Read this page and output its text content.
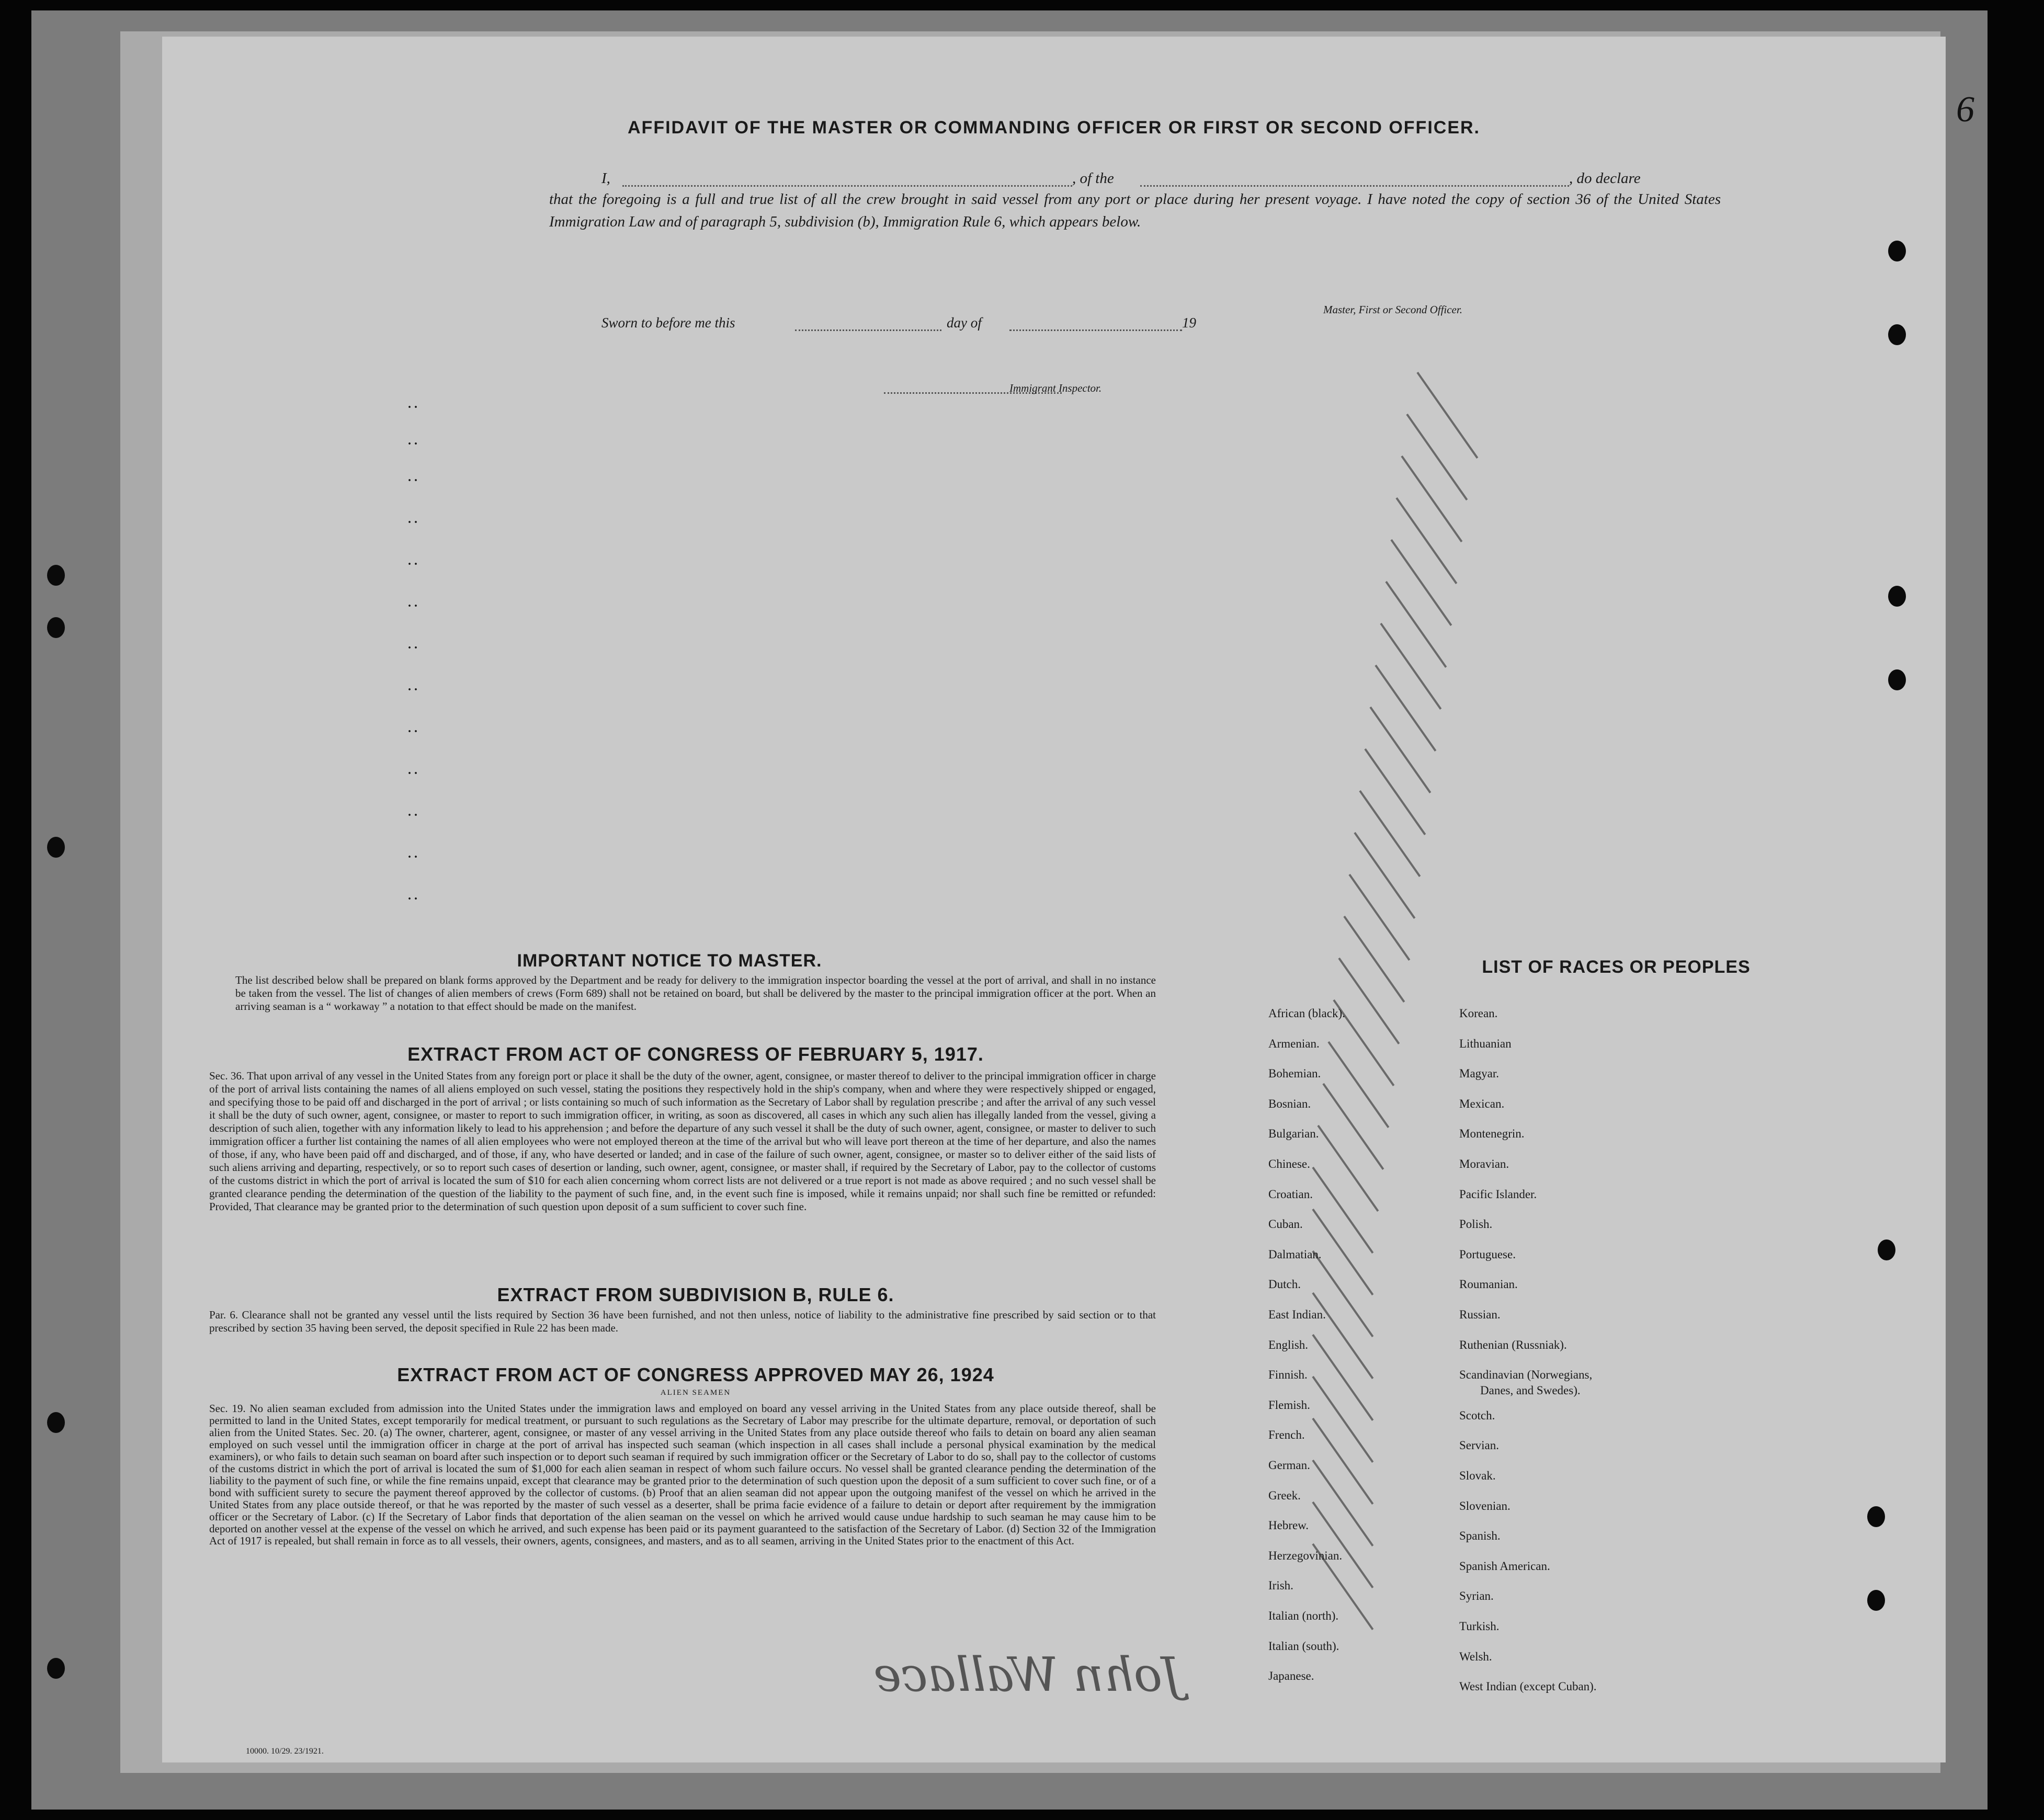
6
AFFIDAVIT OF THE MASTER OR COMMANDING OFFICER OR FIRST OR SECOND OFFICER.
I,	, of the	, do declare
that the foregoing is a full and true list of all the crew brought in said vessel from any port or place during her present voyage. I have noted the copy of section 36 of the United States Immigration Law and of paragraph 5, subdivision (b), Immigration Rule 6, which appears below.
Master, First or Second Officer.
Sworn to before me this	day of	19
Immigrant Inspector.
. .
. .
. .
. .
. .
. .
. .
. .
. .
. .
. .
. .
. .
IMPORTANT NOTICE TO MASTER.
The list described below shall be prepared on blank forms approved by the Department and be ready for delivery to the immigration inspector boarding the vessel at the port of arrival, and shall in no instance be taken from the vessel. The list of changes of alien members of crews (Form 689) shall not be retained on board, but shall be delivered by the master to the principal immigration officer at the port. When an arriving seaman is a “ workaway ” a notation to that effect should be made on the manifest.
EXTRACT FROM ACT OF CONGRESS OF FEBRUARY 5, 1917.
Sec. 36. That upon arrival of any vessel in the United States from any foreign port or place it shall be the duty of the owner, agent, consignee, or master thereof to deliver to the principal immigration officer in charge of the port of arrival lists containing the names of all aliens employed on such vessel, stating the positions they respectively hold in the ship's company, when and where they were respectively shipped or engaged, and specifying those to be paid off and discharged in the port of arrival ; or lists containing so much of such information as the Secretary of Labor shall by regulation prescribe ; and after the arrival of any such vessel it shall be the duty of such owner, agent, consignee, or master to report to such immigration officer, in writing, as soon as discovered, all cases in which any such alien has illegally landed from the vessel, giving a description of such alien, together with any information likely to lead to his apprehension ; and before the departure of any such vessel it shall be the duty of such owner, agent, consignee, or master to deliver to such immigration officer a further list containing the names of all alien employees who were not employed thereon at the time of the arrival but who will leave port thereon at the time of her departure, and also the names of those, if any, who have been paid off and discharged, and of those, if any, who have deserted or landed; and in case of the failure of such owner, agent, consignee, or master so to deliver either of the said lists of such aliens arriving and departing, respectively, or so to report such cases of desertion or landing, such owner, agent, consignee, or master shall, if required by the Secretary of Labor, pay to the collector of customs of the customs district in which the port of arrival is located the sum of $10 for each alien concerning whom correct lists are not delivered or a true report is not made as above required ; and no such vessel shall be granted clearance pending the determination of the question of the liability to the payment of such fine, and, in the event such fine is imposed, while it remains unpaid; nor shall such fine be remitted or refunded: Provided, That clearance may be granted prior to the determination of such question upon deposit of a sum sufficient to cover such fine.
EXTRACT FROM SUBDIVISION B, RULE 6.
Par. 6. Clearance shall not be granted any vessel until the lists required by Section 36 have been furnished, and not then unless, notice of liability to the administrative fine prescribed by said section or to that prescribed by section 35 having been served, the deposit specified in Rule 22 has been made.
EXTRACT FROM ACT OF CONGRESS APPROVED MAY 26, 1924
ALIEN SEAMEN
Sec. 19. No alien seaman excluded from admission into the United States under the immigration laws and employed on board any vessel arriving in the United States from any place outside thereof, shall be permitted to land in the United States, except temporarily for medical treatment, or pursuant to such regulations as the Secretary of Labor may prescribe for the ultimate departure, removal, or deportation of such alien from the United States. Sec. 20. (a) The owner, charterer, agent, consignee, or master of any vessel arriving in the United States from any place outside thereof who fails to detain on board any alien seaman employed on such vessel until the immigration officer in charge at the port of arrival has inspected such seaman (which inspection in all cases shall include a personal physical examination by the medical examiners), or who fails to detain such seaman on board after such inspection or to deport such seaman if required by such immigration officer or the Secretary of Labor to do so, shall pay to the collector of customs of the customs district in which the port of arrival is located the sum of $1,000 for each alien seaman in respect of whom such failure occurs. No vessel shall be granted clearance pending the determination of the liability to the payment of such fine, or while the fine remains unpaid, except that clearance may be granted prior to the determination of such question upon the deposit of a sum sufficient to cover such fine, or of a bond with sufficient surety to secure the payment thereof approved by the collector of customs. (b) Proof that an alien seaman did not appear upon the outgoing manifest of the vessel on which he arrived in the United States from any place outside thereof, or that he was reported by the master of such vessel as a deserter, shall be prima facie evidence of a failure to detain or deport after requirement by the immigration officer or the Secretary of Labor. (c) If the Secretary of Labor finds that deportation of the alien seaman on the vessel on which he arrived would cause undue hardship to such seaman he may cause him to be deported on another vessel at the expense of the vessel on which he arrived, and such expense has been paid or its payment guaranteed to the satisfaction of the Secretary of Labor. (d) Section 32 of the Immigration Act of 1917 is repealed, but shall remain in force as to all vessels, their owners, agents, consignees, and masters, and as to all seamen, arriving in the United States prior to the enactment of this Act.
John Wallace
10000. 10/29. 23/1921.
LIST OF RACES OR PEOPLES
African (black).
Armenian.
Bohemian.
Bosnian.
Bulgarian.
Chinese.
Croatian.
Cuban.
Dalmatian.
Dutch.
East Indian.
English.
Finnish.
Flemish.
French.
German.
Greek.
Hebrew.
Herzegovinian.
Irish.
Italian (north).
Italian (south).
Japanese.
Korean.
Lithuanian
Magyar.
Mexican.
Montenegrin.
Moravian.
Pacific Islander.
Polish.
Portuguese.
Roumanian.
Russian.
Ruthenian (Russniak).
Scandinavian (Norwegians,
Scotch.
Servian.
Slovak.
Slovenian.
Spanish.
Spanish American.
Syrian.
Turkish.
Welsh.
West Indian (except Cuban).
Danes, and Swedes).
